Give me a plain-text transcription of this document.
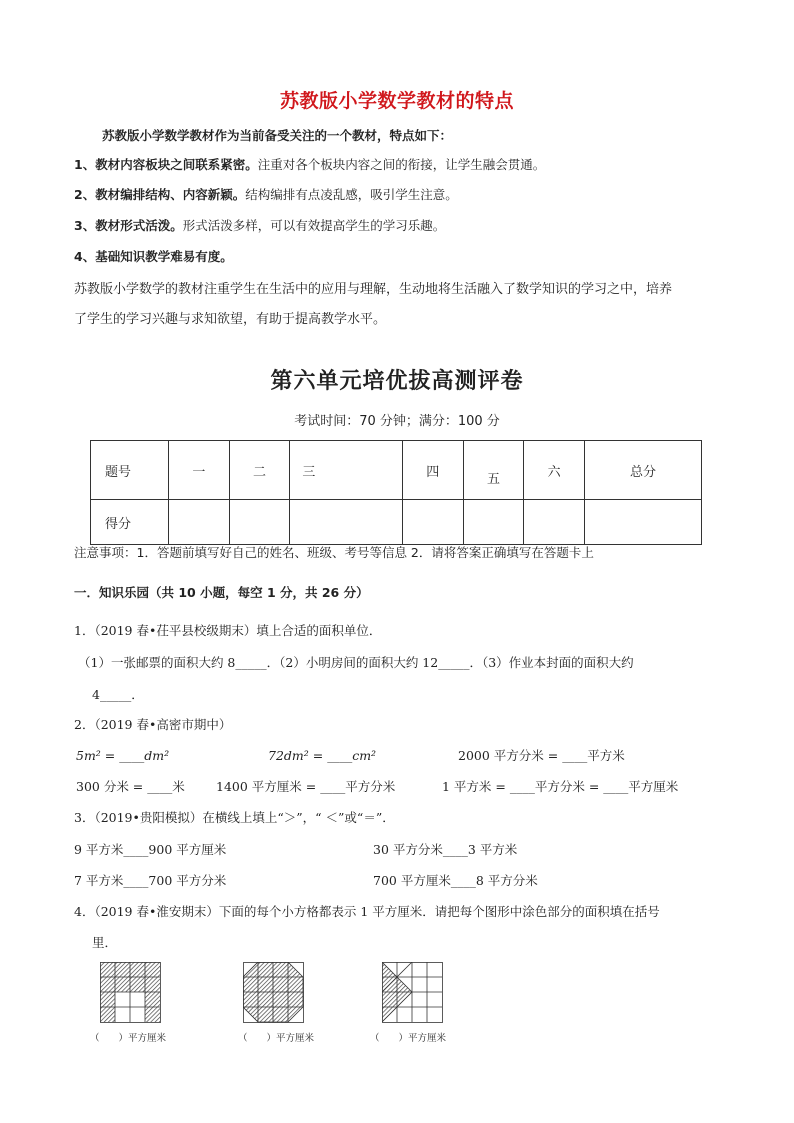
苏教版小学数学教材的特点
苏教版小学数学教材作为当前备受关注的一个教材，特点如下：
1、教材内容板块之间联系紧密。注重对各个板块内容之间的衔接，让学生融会贯通。
2、教材编排结构、内容新颖。结构编排有点凌乱感，吸引学生注意。
3、教材形式活泼。形式活泼多样，可以有效提高学生的学习乐趣。
4、基础知识教学难易有度。
苏教版小学数学的教材注重学生在生活中的应用与理解，生动地将生活融入了数学知识的学习之中，培养
了学生的学习兴趣与求知欲望，有助于提高教学水平。
第六单元培优拔高测评卷
考试时间：70 分钟；满分：100 分
题号	一	二	三	四	五	六	总分
得分							
注意事项：1．答题前填写好自己的姓名、班级、考号等信息 2．请将答案正确填写在答题卡上
一．知识乐园（共 10 小题，每空 1 分，共 26 分）
1．（2019 春•茌平县校级期末）填上合适的面积单位．
（1）一张邮票的面积大约 8_____．（2）小明房间的面积大约 12_____．（3）作业本封面的面积大约
4_____．
2．（2019 春•高密市期中）
5m² = ____dm²	72dm² = ____cm²	2000 平方分米 = ____平方米
300 分米 = ____米 1400 平方厘米 = ____平方分米	1 平方米 = ____平方分米 = ____平方厘米
3．（2019•贵阳模拟）在横线上填上“＞”，“ ＜”或“＝”．
9 平方米____900 平方厘米	30 平方分米____3 平方米
7 平方米____700 平方分米	700 平方厘米____8 平方分米
4．（2019 春•淮安期末）下面的每个小方格都表示 1 平方厘米．请把每个图形中涂色部分的面积填在括号
里．
（　　）平方厘米	（　　）平方厘米	（　　）平方厘米
